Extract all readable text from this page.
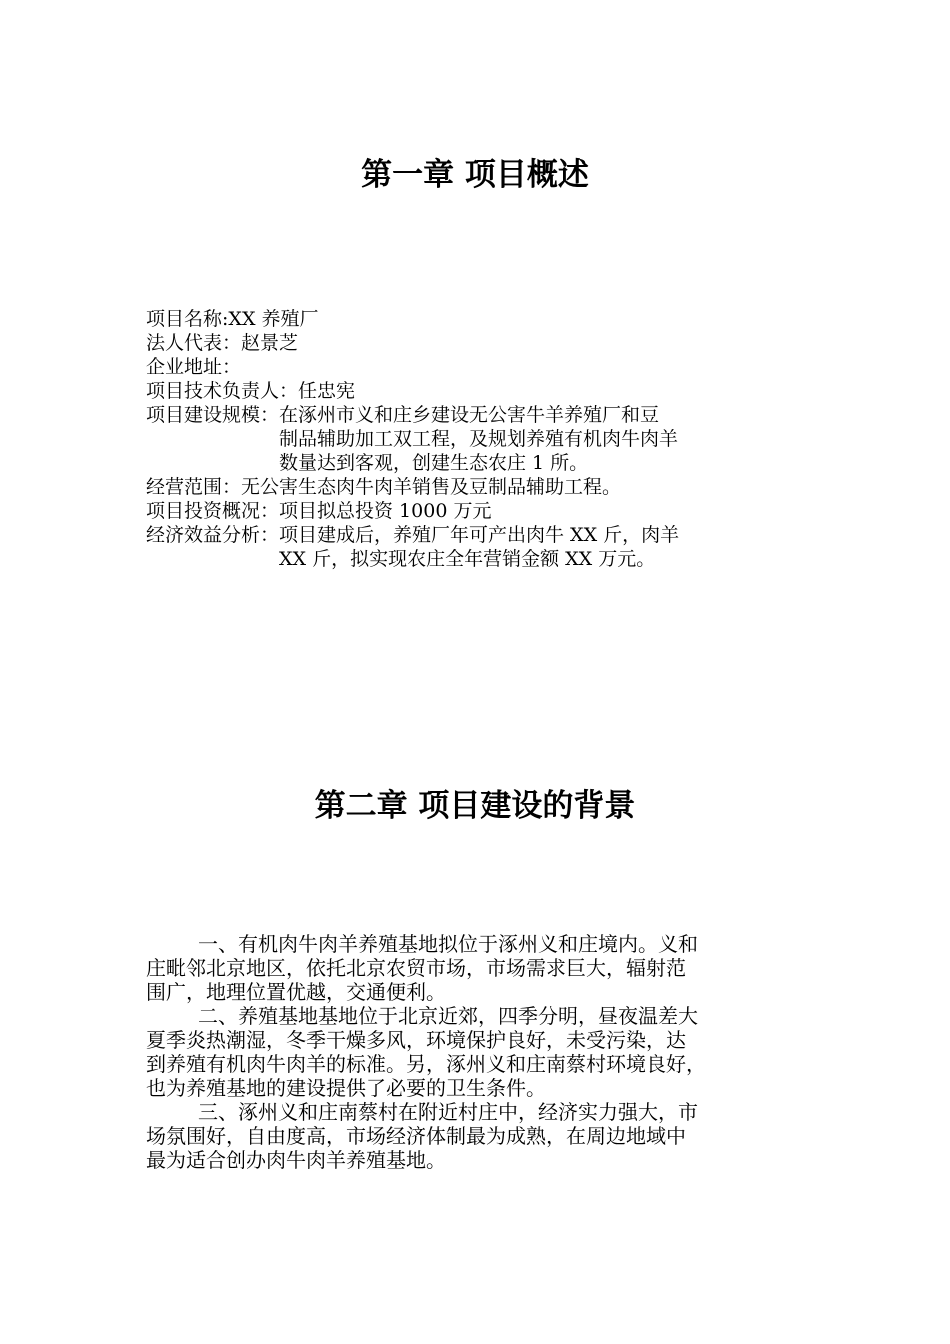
第一章 项目概述
项目名称 :XX 养殖厂
法人代表： 赵景芝
企业地址：
项目技术负责人： 任忠宪
项目建设规模： 在涿州市义和庄乡建设无公害牛羊养殖厂和豆
制品辅助加工双工程，及规划养殖有机肉牛肉羊
数量达到客观，创建生态农庄 1 所。
经营范围： 无公害生态肉牛肉羊销售及豆制品辅助工程。
项目投资概况： 项目拟总投资 1000 万元
经济效益分析： 项目建成后，养殖厂年可产出肉牛 XX 斤，肉羊
XX 斤，拟实现农庄全年营销金额 XX 万元。
第二章 项目建设的背景
一、有机肉牛肉羊养殖基地拟位于涿州义和庄境内。义和
庄毗邻北京地区，依托北京农贸市场，市场需求巨大，辐射范
围广，地理位置优越，交通便利。
二、养殖基地基地位于北京近郊，四季分明，昼夜温差大
夏季炎热潮湿，冬季干燥多风，环境保护良好，未受污染，达
到养殖有机肉牛肉羊的标准。另，涿州义和庄南蔡村环境良好，
也为养殖基地的建设提供了必要的卫生条件。
三、涿州义和庄南蔡村在附近村庄中，经济实力强大，市
场氛围好，自由度高，市场经济体制最为成熟，在周边地域中
最为适合创办肉牛肉羊养殖基地。
